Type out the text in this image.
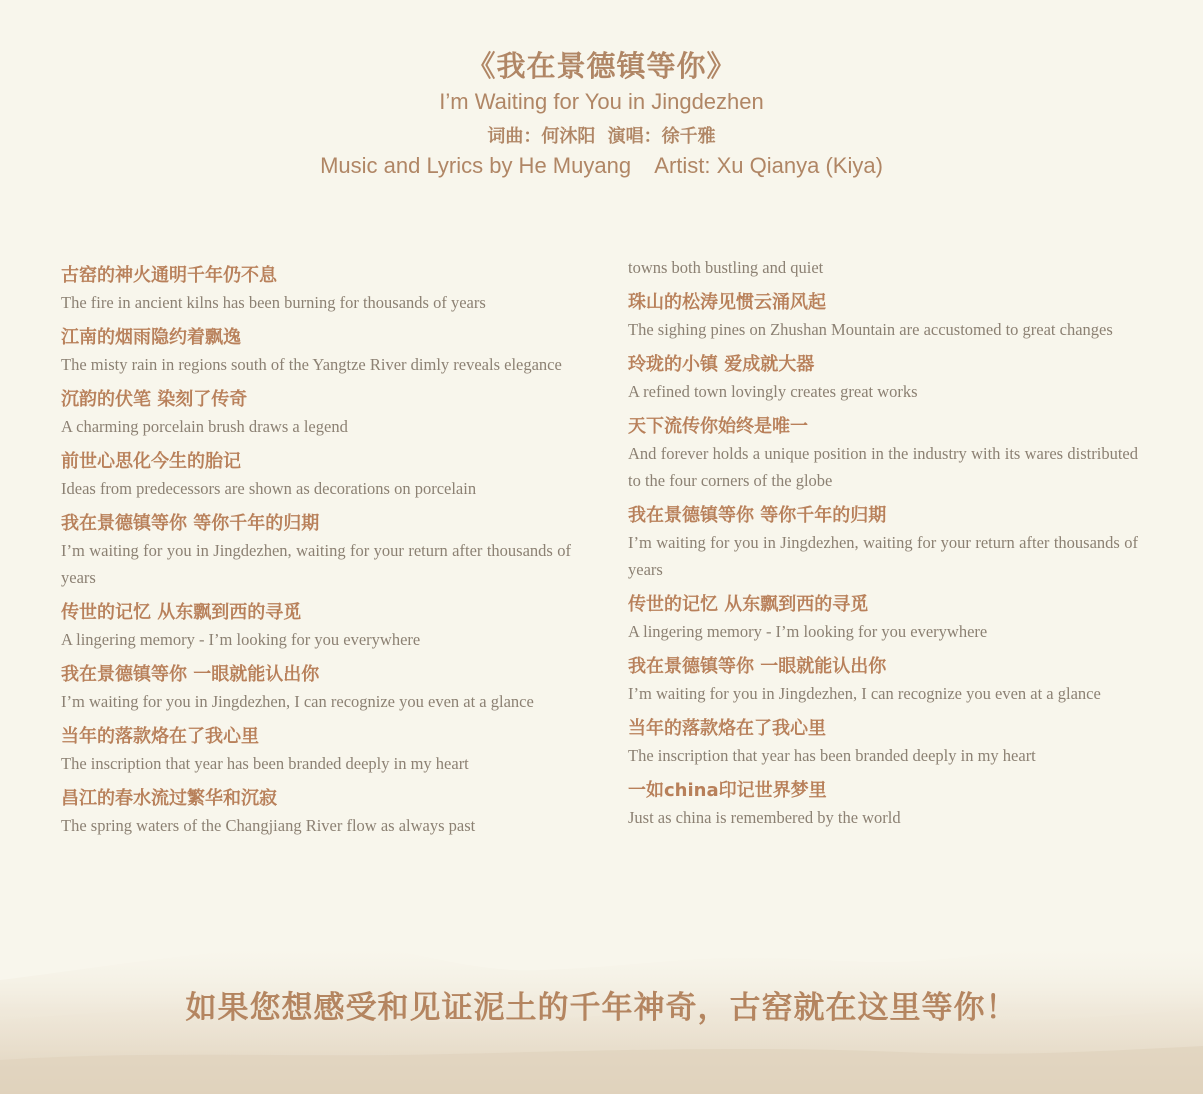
《我在景德镇等你》
I’m Waiting for You in Jingdezhen
词曲：何沐阳 演唱：徐千雅
Music and Lyrics by He Muyang    Artist: Xu Qianya (Kiya)
古窑的神火通明千年仍不息
The fire in ancient kilns has been burning for thousands of years
江南的烟雨隐约着飘逸
The misty rain in regions south of the Yangtze River dimly reveals elegance
沉韵的伏笔 染刻了传奇
A charming porcelain brush draws a legend
前世心思化今生的胎记
Ideas from predecessors are shown as decorations on porcelain
我在景德镇等你 等你千年的归期
I’m waiting for you in Jingdezhen, waiting for your return after thousands of years
传世的记忆 从东飘到西的寻觅
A lingering memory - I’m looking for you everywhere
我在景德镇等你 一眼就能认出你
I’m waiting for you in Jingdezhen, I can recognize you even at a glance
当年的落款烙在了我心里
The inscription that year has been branded deeply in my heart
昌江的春水流过繁华和沉寂
The spring waters of the Changjiang River flow as always past
towns both bustling and quiet
珠山的松涛见惯云涌风起
The sighing pines on Zhushan Mountain are accustomed to great changes
玲珑的小镇 爱成就大器
A refined town lovingly creates great works
天下流传你始终是唯一
And forever holds a unique position in the industry with its wares distributed to the four corners of the globe
我在景德镇等你 等你千年的归期
I’m waiting for you in Jingdezhen, waiting for your return after thousands of years
传世的记忆 从东飘到西的寻觅
A lingering memory - I’m looking for you everywhere
我在景德镇等你 一眼就能认出你
I’m waiting for you in Jingdezhen, I can recognize you even at a glance
当年的落款烙在了我心里
The inscription that year has been branded deeply in my heart
一如china印记世界梦里
Just as china is remembered by the world
如果您想感受和见证泥土的千年神奇，古窑就在这里等你！
